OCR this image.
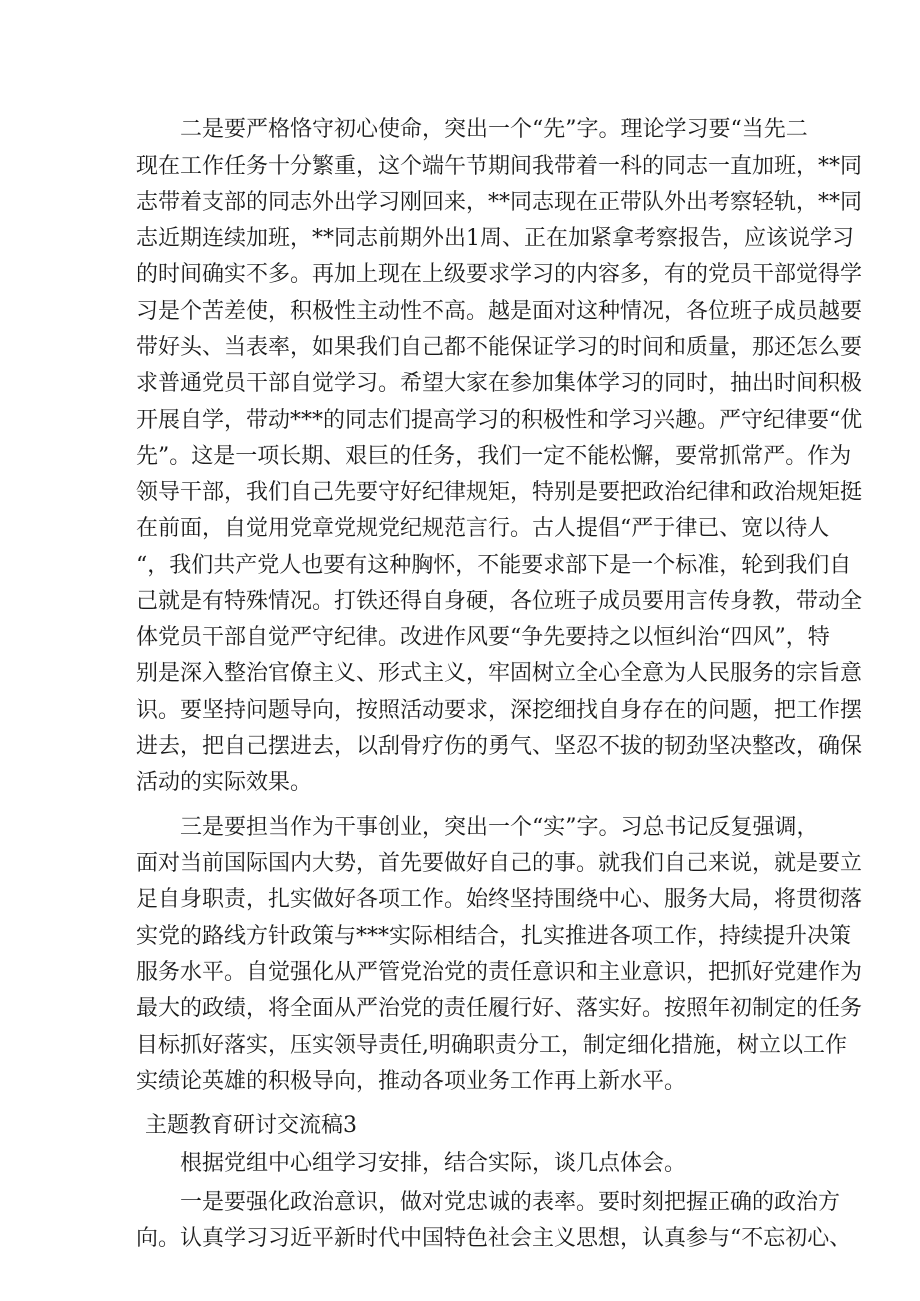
二是要严格恪守初心使命，突出一个“先”字。理论学习要“当先二
现在工作任务十分繁重，这个端午节期间我带着一科的同志一直加班，**同
志带着支部的同志外出学习刚回来，**同志现在正带队外出考察轻轨，**同
志近期连续加班，**同志前期外出1周、正在加紧拿考察报告，应该说学习
的时间确实不多。再加上现在上级要求学习的内容多，有的党员干部觉得学
习是个苦差使，积极性主动性不高。越是面对这种情况，各位班子成员越要
带好头、当表率，如果我们自己都不能保证学习的时间和质量，那还怎么要
求普通党员干部自觉学习。希望大家在参加集体学习的同时，抽出时间积极
开展自学，带动***的同志们提高学习的积极性和学习兴趣。严守纪律要“优
先”。这是一项长期、艰巨的任务，我们一定不能松懈，要常抓常严。作为
领导干部，我们自己先要守好纪律规矩，特别是要把政治纪律和政治规矩挺
在前面，自觉用党章党规党纪规范言行。古人提倡“严于律已、宽以待人
“，我们共产党人也要有这种胸怀，不能要求部下是一个标准，轮到我们自
己就是有特殊情况。打铁还得自身硬，各位班子成员要用言传身教，带动全
体党员干部自觉严守纪律。改进作风要“争先要持之以恒纠治“四风”，特
别是深入整治官僚主义、形式主义，牢固树立全心全意为人民服务的宗旨意
识。要坚持问题导向，按照活动要求，深挖细找自身存在的问题，把工作摆
进去，把自己摆进去，以刮骨疗伤的勇气、坚忍不拔的韧劲坚决整改，确保
活动的实际效果。
三是要担当作为干事创业，突出一个“实”字。习总书记反复强调，
面对当前国际国内大势，首先要做好自己的事。就我们自己来说，就是要立
足自身职责，扎实做好各项工作。始终坚持围绕中心、服务大局，将贯彻落
实党的路线方针政策与***实际相结合，扎实推进各项工作，持续提升决策
服务水平。自觉强化从严管党治党的责任意识和主业意识，把抓好党建作为
最大的政绩，将全面从严治党的责任履行好、落实好。按照年初制定的任务
目标抓好落实，压实领导责任,明确职责分工，制定细化措施，树立以工作
实绩论英雄的积极导向，推动各项业务工作再上新水平。
主题教育研讨交流稿3
根据党组中心组学习安排，结合实际，谈几点体会。
一是要强化政治意识，做对党忠诚的表率。要时刻把握正确的政治方
向。认真学习习近平新时代中国特色社会主义思想，认真参与“不忘初心、
